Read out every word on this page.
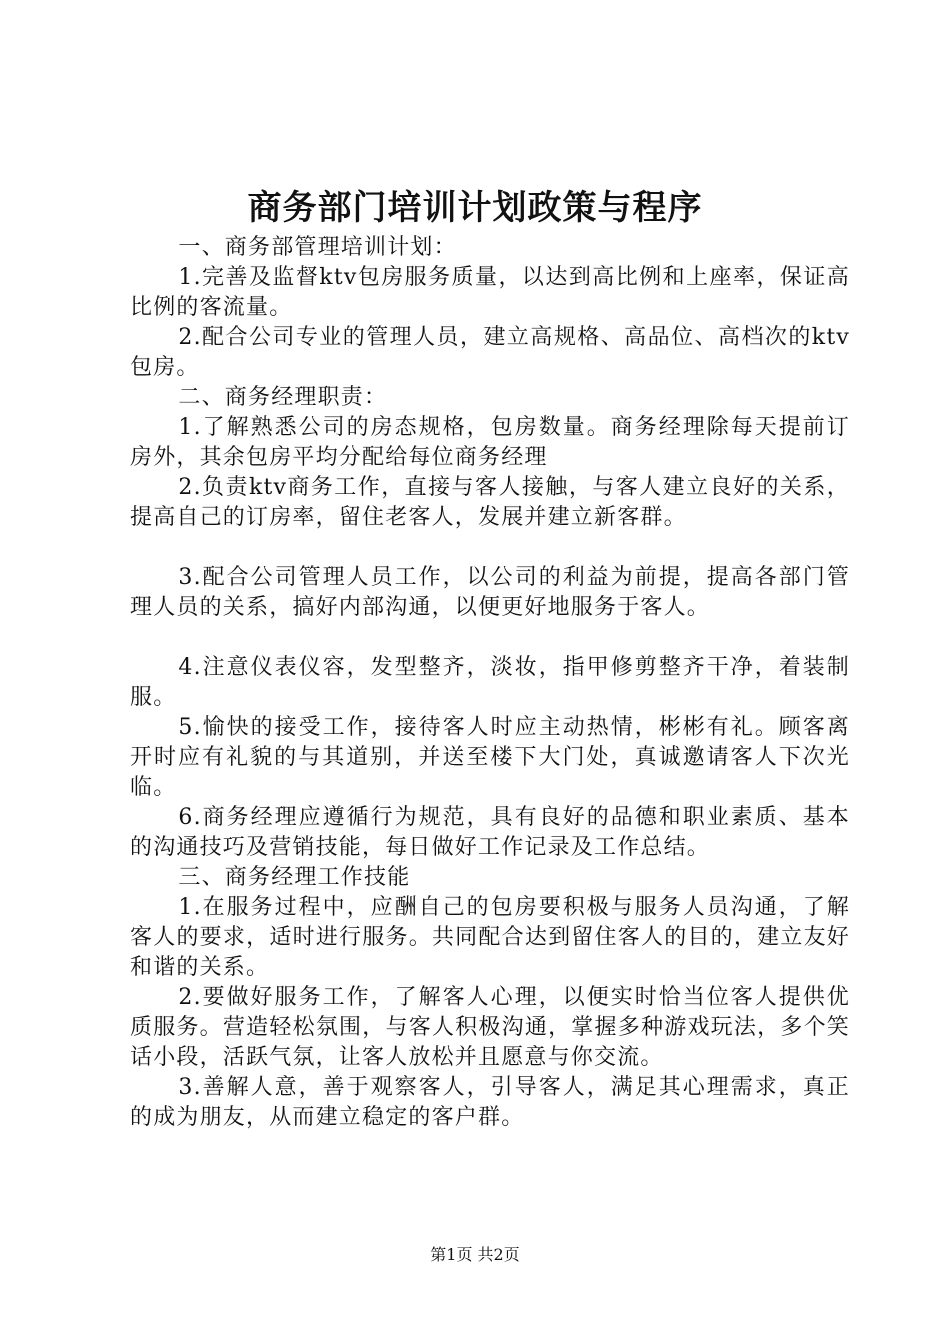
商务部门培训计划政策与程序

一、商务部管理培训计划：

1.完善及监督ktv包房服务质量，以达到高比例和上座率，保证高比例的客流量。

2.配合公司专业的管理人员，建立高规格、高品位、高档次的ktv包房。

二、商务经理职责：

1.了解熟悉公司的房态规格，包房数量。商务经理除每天提前订房外，其余包房平均分配给每位商务经理

2.负责ktv商务工作，直接与客人接触，与客人建立良好的关系，提高自己的订房率，留住老客人，发展并建立新客群。

3.配合公司管理人员工作，以公司的利益为前提，提高各部门管理人员的关系，搞好内部沟通，以便更好地服务于客人。

4.注意仪表仪容，发型整齐，淡妆，指甲修剪整齐干净，着装制服。

5.愉快的接受工作，接待客人时应主动热情，彬彬有礼。顾客离开时应有礼貌的与其道别，并送至楼下大门处，真诚邀请客人下次光临。

6.商务经理应遵循行为规范，具有良好的品德和职业素质、基本的沟通技巧及营销技能，每日做好工作记录及工作总结。

三、商务经理工作技能

1.在服务过程中，应酬自己的包房要积极与服务人员沟通，了解客人的要求，适时进行服务。共同配合达到留住客人的目的，建立友好和谐的关系。

2.要做好服务工作，了解客人心理，以便实时恰当位客人提供优质服务。营造轻松氛围，与客人积极沟通，掌握多种游戏玩法，多个笑话小段，活跃气氛，让客人放松并且愿意与你交流。

3.善解人意，善于观察客人，引导客人，满足其心理需求，真正的成为朋友，从而建立稳定的客户群。

第1页 共2页
